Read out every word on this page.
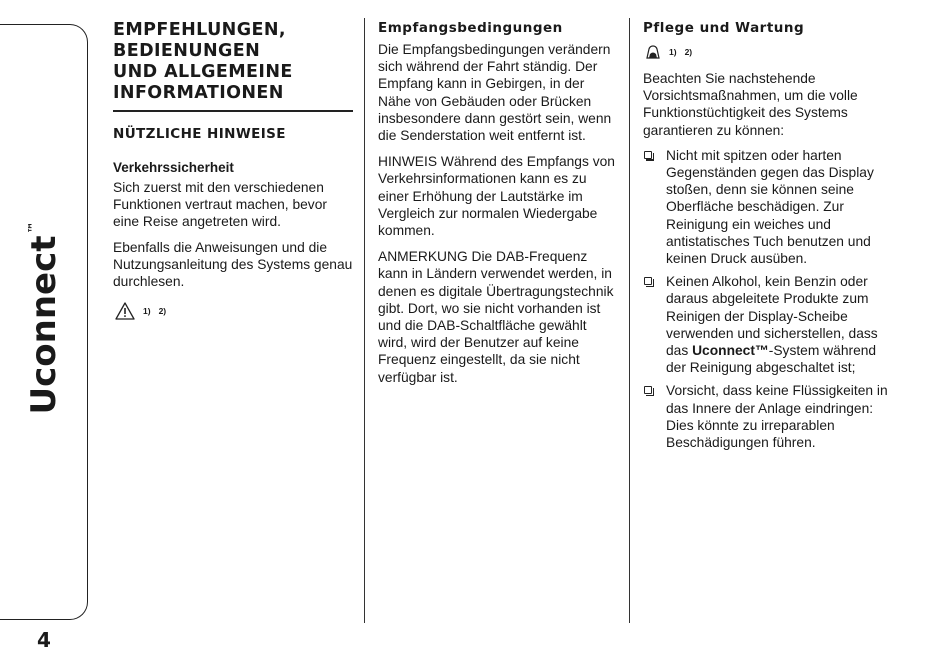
Uconnect™
4
EMPFEHLUNGEN,
BEDIENUNGEN
UND ALLGEMEINE
INFORMATIONEN
NÜTZLICHE HINWEISE
Verkehrssicherheit

Sich zuerst mit den verschiedenen Funktionen vertraut machen, bevor eine Reise angetreten wird.

Ebenfalls die Anweisungen und die Nutzungsanleitung des Systems genau durchlesen.

1) 2)
Empfangsbedingungen

Die Empfangsbedingungen verändern sich während der Fahrt ständig. Der Empfang kann in Gebirgen, in der Nähe von Gebäuden oder Brücken insbesondere dann gestört sein, wenn die Senderstation weit entfernt ist.

HINWEIS Während des Empfangs von Verkehrsinformationen kann es zu einer Erhöhung der Lautstärke im Vergleich zur normalen Wiedergabe kommen.

ANMERKUNG Die DAB-Frequenz kann in Ländern verwendet werden, in denen es digitale Übertragungstechnik gibt. Dort, wo sie nicht vorhanden ist und die DAB-Schaltfläche gewählt wird, wird der Benutzer auf keine Frequenz eingestellt, da sie nicht verfügbar ist.

Pflege und Wartung
1) 2)

Beachten Sie nachstehende Vorsichtsmaßnahmen, um die volle Funktionstüchtigkeit des Systems garantieren zu können:

Nicht mit spitzen oder harten Gegenständen gegen das Display stoßen, denn sie können seine Oberfläche beschädigen. Zur Reinigung ein weiches und antistatisches Tuch benutzen und keinen Druck ausüben.
Keinen Alkohol, kein Benzin oder daraus abgeleitete Produkte zum Reinigen der Display-Scheibe verwenden und sicherstellen, dass das Uconnect™-System während der Reinigung abgeschaltet ist;
Vorsicht, dass keine Flüssigkeiten in das Innere der Anlage eindringen: Dies könnte zu irreparablen Beschädigungen führen.
